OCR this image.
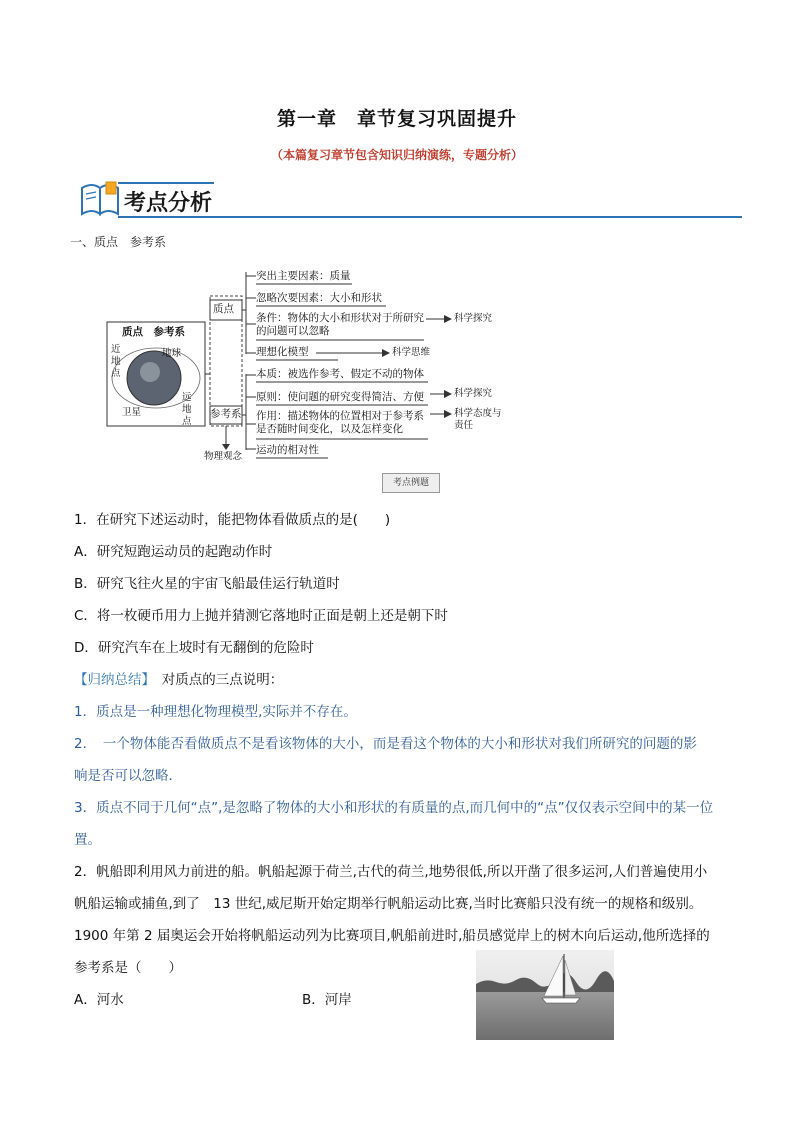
第一章　章节复习巩固提升
（本篇复习章节包含知识归纳演练，专题分析）
考点分析
一、质点　参考系
质点　参考系
近地点
地球
卫星
远地点
质点
参考系
物理观念
突出主要因素：质量
忽略次要因素：大小和形状
条件：物体的大小和形状对于所研究的问题可以忽略
理想化模型
本质：被选作参考、假定不动的物体
原则：使问题的研究变得简洁、方便
作用：描述物体的位置相对于参考系是否随时间变化，以及怎样变化
运动的相对性
科学探究
科学思维
科学探究
科学态度与责任
考点例题
1．在研究下述运动时，能把物体看做质点的是(　　)
A．研究短跑运动员的起跑动作时
B．研究飞往火星的宇宙飞船最佳运行轨道时
C．将一枚硬币用力上抛并猜测它落地时正面是朝上还是朝下时
D．研究汽车在上坡时有无翻倒的危险时
【归纳总结】　对质点的三点说明：
1．质点是一种理想化物理模型,实际并不存在。
2．　一个物体能否看做质点不是看该物体的大小，而是看这个物体的大小和形状对我们所研究的问题的影
响是否可以忽略．
3．质点不同于几何“点”,是忽略了物体的大小和形状的有质量的点,而几何中的“点”仅仅表示空间中的某一位
置。
2．帆船即利用风力前进的船。帆船起源于荷兰,古代的荷兰,地势很低,所以开凿了很多运河,人们普遍使用小
帆船运输或捕鱼,到了　13 世纪,威尼斯开始定期举行帆船运动比赛,当时比赛船只没有统一的规格和级别。
1900 年第 2 届奥运会开始将帆船运动列为比赛项目,帆船前进时,船员感觉岸上的树木向后运动,他所选择的
参考系是（　　）
A．河水	B．河岸
